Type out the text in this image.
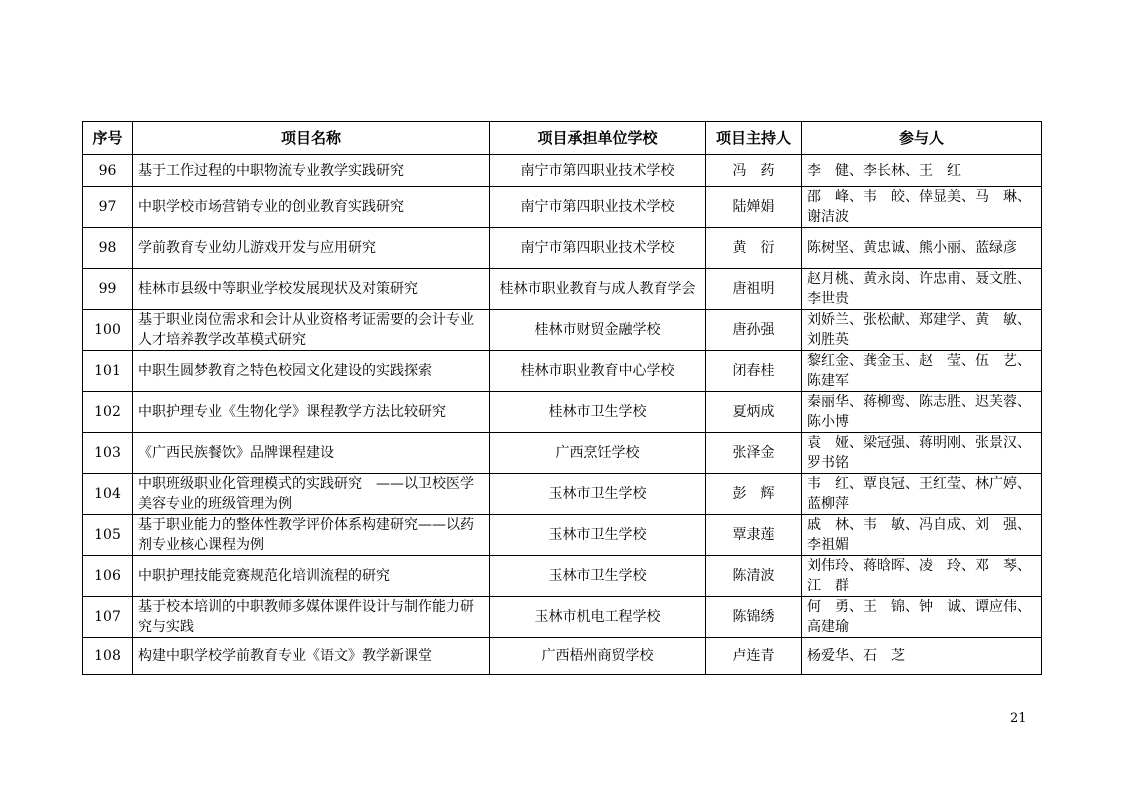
序号	项目名称	项目承担单位学校	项目主持人	参与人
96	基于工作过程的中职物流专业教学实践研究	南宁市第四职业技术学校	冯　药	李　健、李长林、王　红
97	中职学校市场营销专业的创业教育实践研究	南宁市第四职业技术学校	陆婵娟	邵　峰、韦　皎、倖显美、马　琳、谢洁波
98	学前教育专业幼儿游戏开发与应用研究	南宁市第四职业技术学校	黄　衍	陈树坚、黄忠诚、熊小丽、蓝绿彦
99	桂林市县级中等职业学校发展现状及对策研究	桂林市职业教育与成人教育学会	唐祖明	赵月桃、黄永岗、许忠甫、聂文胜、李世贵
100	基于职业岗位需求和会计从业资格考证需要的会计专业人才培养教学改革模式研究	桂林市财贸金融学校	唐孙强	刘娇兰、张松献、郑建学、黄　敏、刘胜英
101	中职生圆梦教育之特色校园文化建设的实践探索	桂林市职业教育中心学校	闭春桂	黎红金、龚金玉、赵　莹、伍　艺、陈建军
102	中职护理专业《生物化学》课程教学方法比较研究	桂林市卫生学校	夏炳成	秦丽华、蒋柳鸾、陈志胜、迟芙蓉、陈小博
103	《广西民族餐饮》品牌课程建设	广西烹饪学校	张泽金	袁　娅、梁冠强、蒋明刚、张景汉、罗书铭
104	中职班级职业化管理模式的实践研究　——以卫校医学美容专业的班级管理为例	玉林市卫生学校	彭　辉	韦　红、覃良冠、王红莹、林广婷、蓝柳萍
105	基于职业能力的整体性教学评价体系构建研究——以药剂专业核心课程为例	玉林市卫生学校	覃隶莲	戚　林、韦　敏、冯自成、刘　强、李祖媚
106	中职护理技能竞赛规范化培训流程的研究	玉林市卫生学校	陈清波	刘伟玲、蒋晗晖、凌　玲、邓　琴、江　群
107	基于校本培训的中职教师多媒体课件设计与制作能力研究与实践	玉林市机电工程学校	陈锦绣	何　勇、王　锦、钟　诚、谭应伟、高建瑜
108	构建中职学校学前教育专业《语文》教学新课堂	广西梧州商贸学校	卢连青	杨爱华、石　芝
21
